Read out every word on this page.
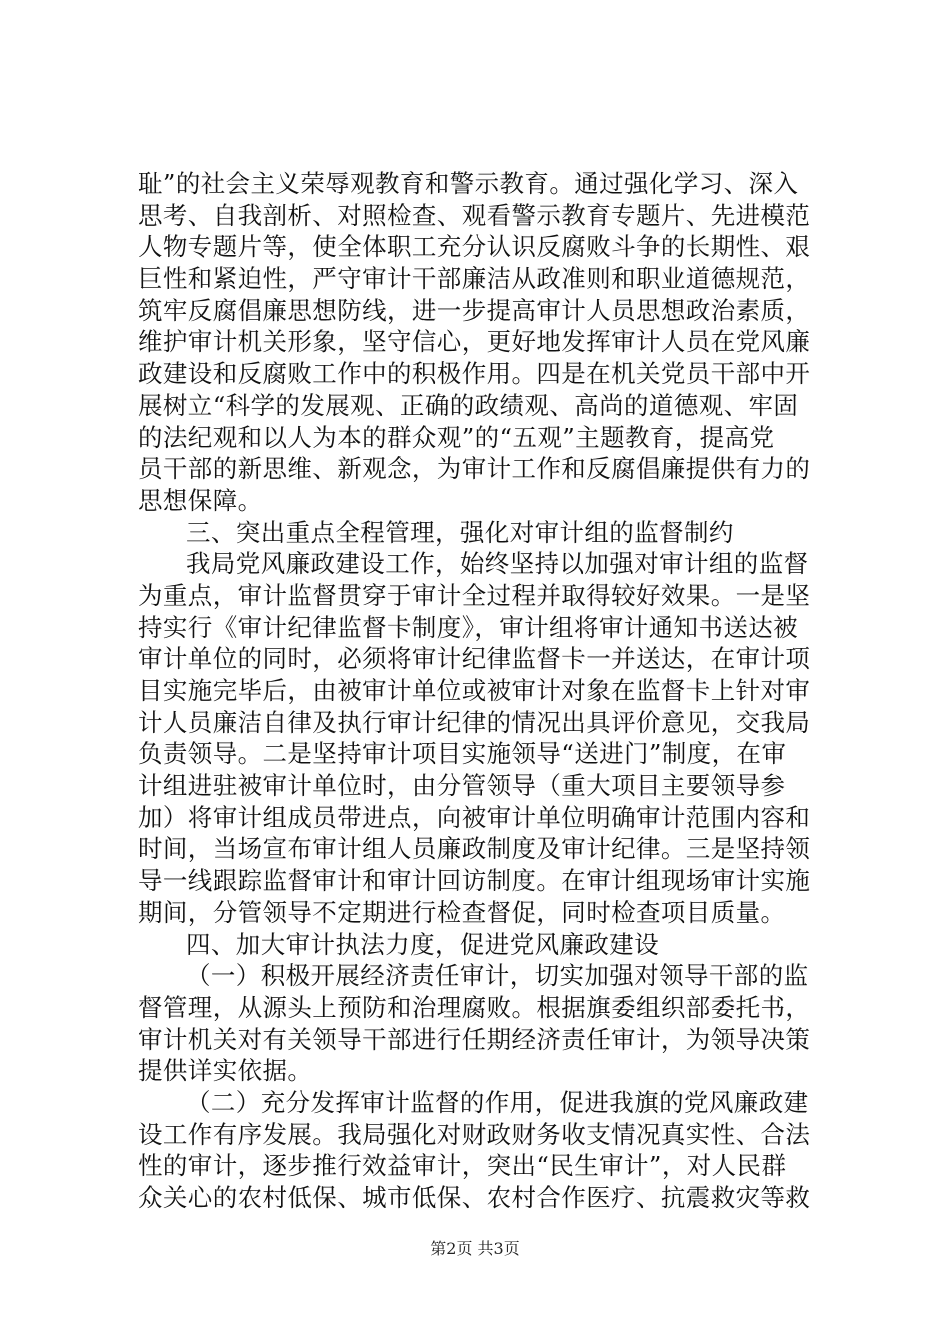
耻”的社会主义荣辱观教育和警示教育。通过强化学习、深入
思考、自我剖析、对照检查、观看警示教育专题片、先进模范
人物专题片等，使全体职工充分认识反腐败斗争的长期性、艰
巨性和紧迫性，严守审计干部廉洁从政准则和职业道德规范，
筑牢反腐倡廉思想防线，进一步提高审计人员思想政治素质，
维护审计机关形象，坚守信心，更好地发挥审计人员在党风廉
政建设和反腐败工作中的积极作用。四是在机关党员干部中开
展树立“科学的发展观、正确的政绩观、高尚的道德观、牢固
的法纪观和以人为本的群众观”的“五观”主题教育，提高党
员干部的新思维、新观念，为审计工作和反腐倡廉提供有力的
思想保障。
三、突出重点全程管理，强化对审计组的监督制约
我局党风廉政建设工作，始终坚持以加强对审计组的监督
为重点，审计监督贯穿于审计全过程并取得较好效果。一是坚
持实行《审计纪律监督卡制度》，审计组将审计通知书送达被
审计单位的同时，必须将审计纪律监督卡一并送达，在审计项
目实施完毕后，由被审计单位或被审计对象在监督卡上针对审
计人员廉洁自律及执行审计纪律的情况出具评价意见，交我局
负责领导。二是坚持审计项目实施领导“送进门”制度，在审
计组进驻被审计单位时，由分管领导（重大项目主要领导参
加）将审计组成员带进点，向被审计单位明确审计范围内容和
时间，当场宣布审计组人员廉政制度及审计纪律。三是坚持领
导一线跟踪监督审计和审计回访制度。在审计组现场审计实施
期间，分管领导不定期进行检查督促，同时检查项目质量。
四、加大审计执法力度，促进党风廉政建设
（一）积极开展经济责任审计，切实加强对领导干部的监
督管理，从源头上预防和治理腐败。根据旗委组织部委托书，
审计机关对有关领导干部进行任期经济责任审计，为领导决策
提供详实依据。
（二）充分发挥审计监督的作用，促进我旗的党风廉政建
设工作有序发展。我局强化对财政财务收支情况真实性、合法
性的审计，逐步推行效益审计，突出“民生审计”，对人民群
众关心的农村低保、城市低保、农村合作医疗、抗震救灾等救
第2页 共3页
